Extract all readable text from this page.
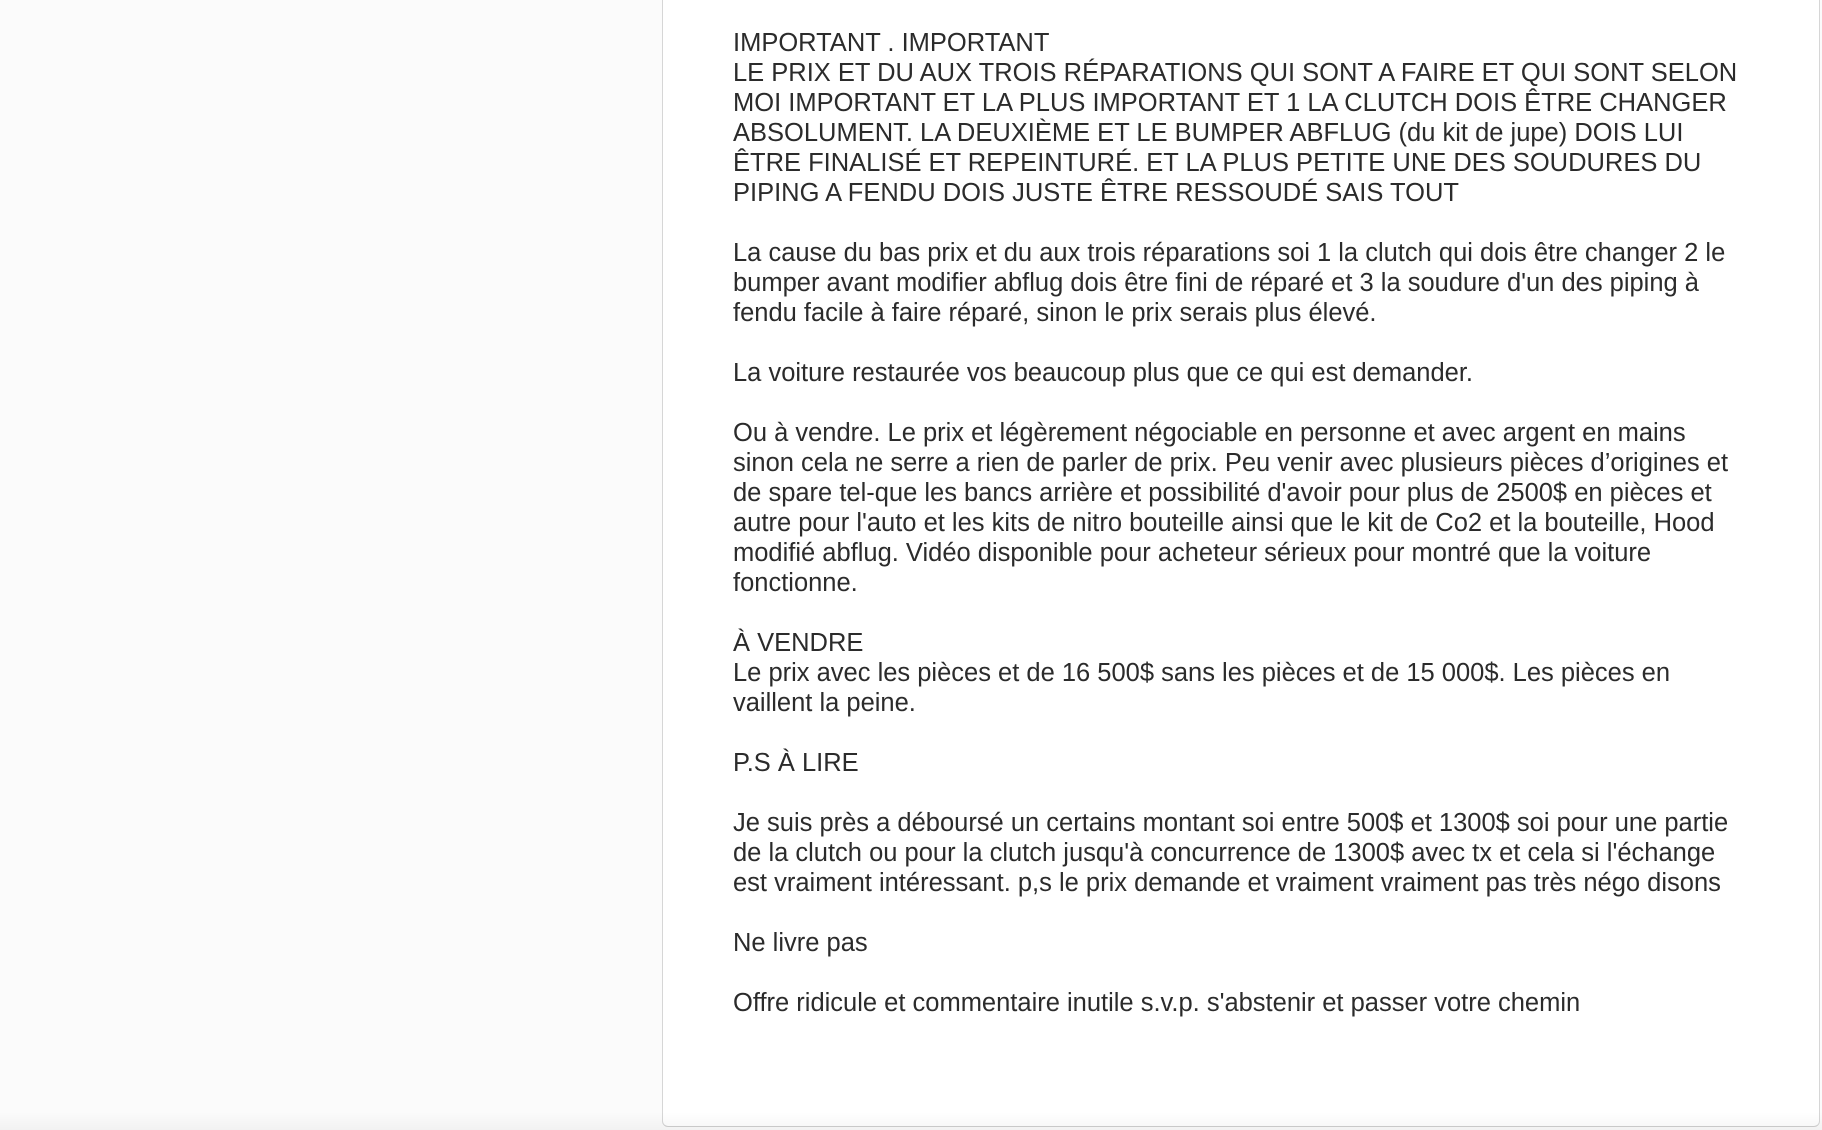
IMPORTANT . IMPORTANT
LE PRIX ET DU AUX TROIS RÉPARATIONS QUI SONT A FAIRE ET QUI SONT SELON MOI IMPORTANT ET LA PLUS IMPORTANT ET 1 LA CLUTCH DOIS ÊTRE CHANGER ABSOLUMENT. LA DEUXIÈME ET LE BUMPER ABFLUG (du kit de jupe) DOIS LUI ÊTRE FINALISÉ ET REPEINTURÉ. ET LA PLUS PETITE UNE DES SOUDURES DU PIPING A FENDU DOIS JUSTE ÊTRE RESSOUDÉ SAIS TOUT

La cause du bas prix et du aux trois réparations soi 1 la clutch qui dois être changer 2 le bumper avant modifier abflug dois être fini de réparé et 3 la soudure d'un des piping à fendu facile à faire réparé, sinon le prix serais plus élevé.

La voiture restaurée vos beaucoup plus que ce qui est demander.

Ou à vendre. Le prix et légèrement négociable en personne et avec argent en mains sinon cela ne serre a rien de parler de prix. Peu venir avec plusieurs pièces d’origines et de spare tel-que les bancs arrière et possibilité d'avoir pour plus de 2500$ en pièces et autre pour l'auto et les kits de nitro bouteille ainsi que le kit de Co2 et la bouteille, Hood modifié abflug. Vidéo disponible pour acheteur sérieux pour montré que la voiture fonctionne.

À VENDRE
Le prix avec les pièces et de 16 500$ sans les pièces et de 15 000$. Les pièces en vaillent la peine.

P.S À LIRE

Je suis près a déboursé un certains montant soi entre 500$ et 1300$ soi pour une partie de la clutch ou pour la clutch jusqu'à concurrence de 1300$ avec tx et cela si l'échange est vraiment intéressant. p,s le prix demande et vraiment vraiment pas très négo disons

Ne livre pas

Offre ridicule et commentaire inutile s.v.p. s'abstenir et passer votre chemin
